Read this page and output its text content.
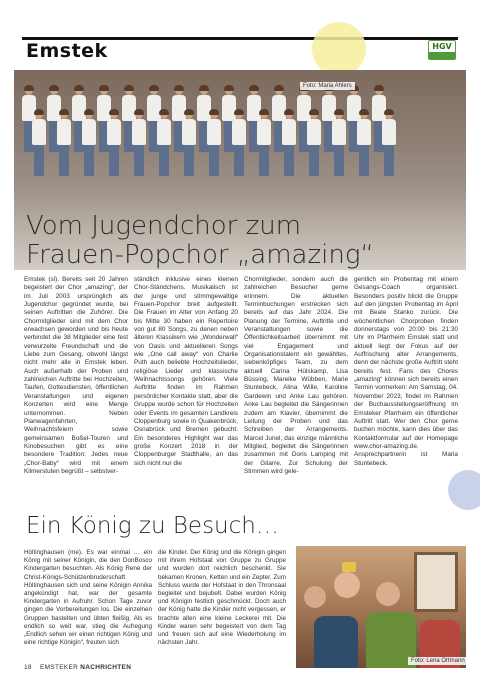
Emstek	HGV
Foto: Maria Ahlers
Vom Jugendchor zum
Frauen-Popchor „amazing“
Emstek (sl). Bereits seit 20 Jahren begeistert der Chor „amazing“, der im Juli 2003 ursprünglich als Jugendchor gegründet wurde, bei seinen Auftritten die Zuhörer. Die Chormitglieder sind mit dem Chor erwachsen geworden und bis heute verbindet die 38 Mitglieder eine fest verwurzelte Freundschaft und die Liebe zum Gesang, obwohl längst nicht mehr alle in Emstek leben. Auch außerhalb der Proben und zahlreichen Auftritte bei Hochzeiten, Taufen, Gottesdiensten, öffentlichen Veranstaltungen und eigenen Konzerten wird eine Menge unternommen. Neben Planwagenfahrten, Weihnachtsfeiern sowie gemeinsamen Boßel-Touren und Kinobesuchen gibt es eine besondere Tradition: Jedes neue „Chor-Baby“ wird mit einem Kilmerstuten begrüßt – selbstver-
ständlich inklusive eines kleinen Chor-Ständchens. Musikalisch ist der junge und stimmgewaltige Frauen-Popchor breit aufgestellt. Die Frauen im Alter von Anfang 20 bis Mitte 30 haben ein Repertoire von gut 80 Songs, zu denen neben älteren Klassikern wie „Wonderwall“ von Oasis und aktuelleren Songs wie „One call away“ von Charlie Puth auch beliebte Hochzeitslieder, religiöse Lieder und klassische Weihnachtssongs gehören. Viele Auftritte finden im Rahmen persönlicher Kontakte statt, aber die Gruppe wurde schon für Hochzeiten oder Events im gesamten Landkreis Cloppenburg sowie in Quakenbrück, Osnabrück und Bremen gebucht. Ein besonderes Highlight war das große Konzert 2018 in der Cloppenburger Stadthalle, an das sich nicht nur die
Chormitglieder, sondern auch die zahlreichen Besucher gerne erinnern. Die aktuellen Terminbuchungen erstrecken sich bereits auf das Jahr 2024. Die Planung der Termine, Auftritte und Veranstaltungen sowie die Öffentlichkeitsarbeit übernimmt mit viel Engagement und Organisationstalent ein gewähltes, siebenköpfiges Team, zu dem aktuell Carina Hülskamp, Lisa Büssing, Mareike Wübben, Marie Stuntebeck, Alina Wille, Karoline Gardewin und Anke Lau gehören. Anke Lau begleitet die Sängerinnen zudem am Klavier, übernimmt die Leitung der Proben und das Schreiben der Arrangements. Marcel Junel, das einzige männliche Mitglied, begleitet die Sängerinnen zusammen mit Doris Lamping mit der Gitarre. Zur Schulung der Stimmen wird gele-
gentlich ein Probentag mit einem Gesangs-Coach organisiert. Besonders positiv blickt die Gruppe auf den jüngsten Probentag im April mit Beate Stanko zurück. Die wöchentlichen Chorproben finden donnerstags von 20:00 bis 21:30 Uhr im Pfarrheim Emstek statt und aktuell liegt der Fokus auf der Auffrischung alter Arrangements, denn der nächste große Auftritt steht bereits fest. Fans des Chores „amazing“ können sich bereits einen Termin vormerken: Am Samstag, 04. November 2023, findet im Rahmen der Buchausstellungseröffnung im Emsteker Pfarrheim ein öffentlicher Auftritt statt. Wer den Chor gerne buchen möchte, kann dies über das Kontaktformular auf der Homepage www.chor-amazing.de. Ansprechpartnerin ist Maria Stuntebeck.
Ein König zu Besuch…
Höltinghausen (me). Es war einmal … ein König mit seiner Königin, die den DonBosco Kindergarten besuchten. Als König Rene der Christ-Königs-Schützenbruderschaft Höltinghausen sich und seine Königin Annika angekündigt hat, war der gesamte Kindergarten in Aufruhr. Schon Tage zuvor gingen die Vorbereitungen los. Die einzelnen Gruppen bastelten und übten fleißig. Als es endlich so weit war, stieg die Aufregung „Endlich sehen wir einen richtigen König und eine richtige Königin“, freuten sich
die Kinder. Der König und die Königin gingen mit ihrem Hofstaat von Gruppe zu Gruppe und wurden dort reichlich beschenkt. Sie bekamen Kronen, Ketten und ein Zepter. Zum Schluss wurde der Hofstaat in den Thronsaal begleitet und bejubelt. Dabei wurden König und Königin festlich geschmückt. Doch auch der König hatte die Kinder nicht vergessen, er brachte allen eine kleine Leckerei mit. Die Kinder waren sehr begeistert von dem Tag und freuen sich auf eine Wiederholung im nächsten Jahr.
Foto: Lena Ortmann
18 EMSTEKER NACHRICHTEN
